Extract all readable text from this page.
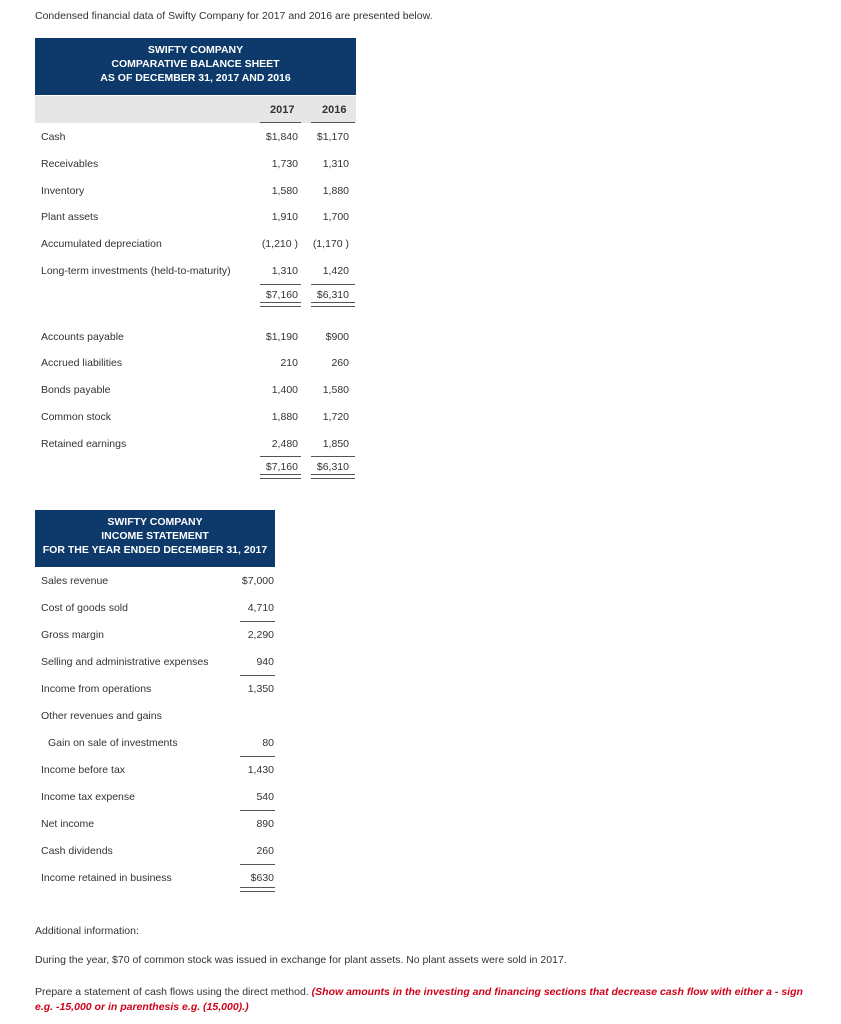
Condensed financial data of Swifty Company for 2017 and 2016 are presented below.
SWIFTY COMPANY
COMPARATIVE BALANCE SHEET
AS OF DECEMBER 31, 2017 AND 2016
2017	2016
Cash	$1,840	$1,170
Receivables	1,730	1,310
Inventory	1,580	1,880
Plant assets	1,910	1,700
Accumulated depreciation	(1,210 )	(1,170 )
Long-term investments (held-to-maturity)	1,310	1,420
$7,160	$6,310
Accounts payable	$1,190	$900
Accrued liabilities	210	260
Bonds payable	1,400	1,580
Common stock	1,880	1,720
Retained earnings	2,480	1,850
$7,160	$6,310
SWIFTY COMPANY
INCOME STATEMENT
FOR THE YEAR ENDED DECEMBER 31, 2017
Sales revenue	$7,000
Cost of goods sold	4,710
Gross margin	2,290
Selling and administrative expenses	940
Income from operations	1,350
Other revenues and gains
Gain on sale of investments	80
Income before tax	1,430
Income tax expense	540
Net income	890
Cash dividends	260
Income retained in business	$630
Additional information:
During the year, $70 of common stock was issued in exchange for plant assets. No plant assets were sold in 2017.
Prepare a statement of cash flows using the direct method. (Show amounts in the investing and financing sections that decrease cash flow with either a - sign e.g. -15,000 or in parenthesis e.g. (15,000).)
